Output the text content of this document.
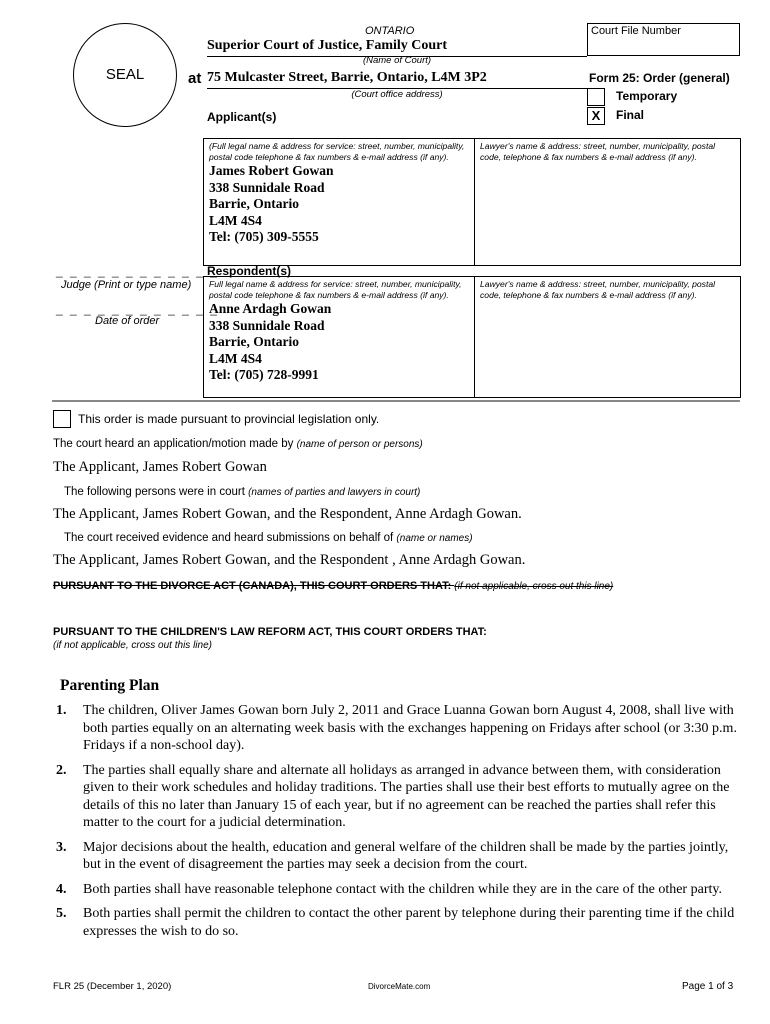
SEAL
ONTARIO
Superior Court of Justice, Family Court
(Name of Court)
at 75 Mulcaster Street, Barrie, Ontario, L4M 3P2
(Court office address)
Court File Number
Form 25: Order (general)
Temporary
X	Final
Applicant(s)
(Full legal name & address for service: street, number, municipality, postal code telephone & fax numbers & e-mail address (if any).
James Robert Gowan
338 Sunnidale Road
Barrie, Ontario
L4M 4S4
Tel: (705) 309-5555
Lawyer's name & address: street, number, municipality, postal code, telephone & fax numbers & e-mail address (if any).
_ _ _ _ _ _ _ _ _ _ _ _
Judge (Print or type name)
_ _ _ _ _ _ _ _ _ _ _ _
Date of order
Respondent(s)
Full legal name & address for service: street, number, municipality, postal code telephone & fax numbers & e-mail address (if any).
Anne Ardagh Gowan
338 Sunnidale Road
Barrie, Ontario
L4M 4S4
Tel: (705) 728-9991
Lawyer's name & address: street, number, municipality, postal code, telephone & fax numbers & e-mail address (if any).
This order is made pursuant to provincial legislation only.
The court heard an application/motion made by (name of person or persons)
The Applicant, James Robert Gowan
The following persons were in court (names of parties and lawyers in court)
The Applicant, James Robert Gowan, and the Respondent, Anne Ardagh Gowan.
The court received evidence and heard submissions on behalf of (name or names)
The Applicant, James Robert Gowan, and the Respondent , Anne Ardagh Gowan.
PURSUANT TO THE DIVORCE ACT (CANADA), THIS COURT ORDERS THAT: (if not applicable, cross out this line)
PURSUANT TO THE CHILDREN'S LAW REFORM ACT, THIS COURT ORDERS THAT:
(if not applicable, cross out this line)
Parenting Plan
1.	The children, Oliver James Gowan born July 2, 2011 and Grace Luanna Gowan born August 4, 2008, shall live with both parties equally on an alternating week basis with the exchanges happening on Fridays after school (or 3:30 p.m. Fridays if a non-school day).
2.	The parties shall equally share and alternate all holidays as arranged in advance between them, with consideration given to their work schedules and holiday traditions. The parties shall use their best efforts to mutually agree on the details of this no later than January 15 of each year, but if no agreement can be reached the parties shall refer this matter to the court for a judicial determination.
3.	Major decisions about the health, education and general welfare of the children shall be made by the parties jointly, but in the event of disagreement the parties may seek a decision from the court.
4.	Both parties shall have reasonable telephone contact with the children while they are in the care of the other party.
5.	Both parties shall permit the children to contact the other parent by telephone during their parenting time if the child expresses the wish to do so.
FLR 25 (December 1, 2020)	DivorceMate.com	Page 1 of 3
